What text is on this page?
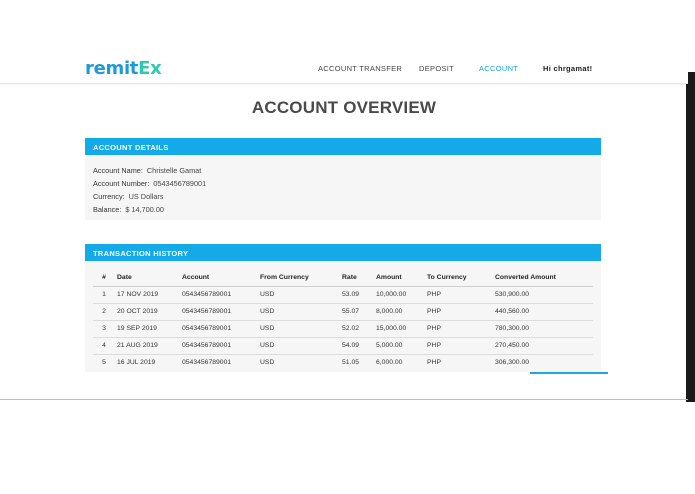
remitEx	ACCOUNT TRANSFER DEPOSIT	ACCOUNT	Hi chrgamat!
ACCOUNT OVERVIEW
ACCOUNT DETAILS
Account Name: Christelle Gamat
Account Number: 0543456789001
Currency: US Dollars
Balance: $ 14,700.00
TRANSACTION HISTORY
#	Date	Account	From Currency	Rate	Amount	To Currency	Converted Amount
1	17 NOV 2019	0543456789001	USD	53.09	10,000.00	PHP	530,900.00
2	20 OCT 2019	0543456789001	USD	55.07	8,000.00	PHP	440,560.00
3	19 SEP 2019	0543456789001	USD	52.02	15,000.00	PHP	780,300.00
4	21 AUG 2019	0543456789001	USD	54.09	5,000.00	PHP	270,450.00
5	16 JUL 2019	0543456789001	USD	51.05	6,000.00	PHP	306,300.00
